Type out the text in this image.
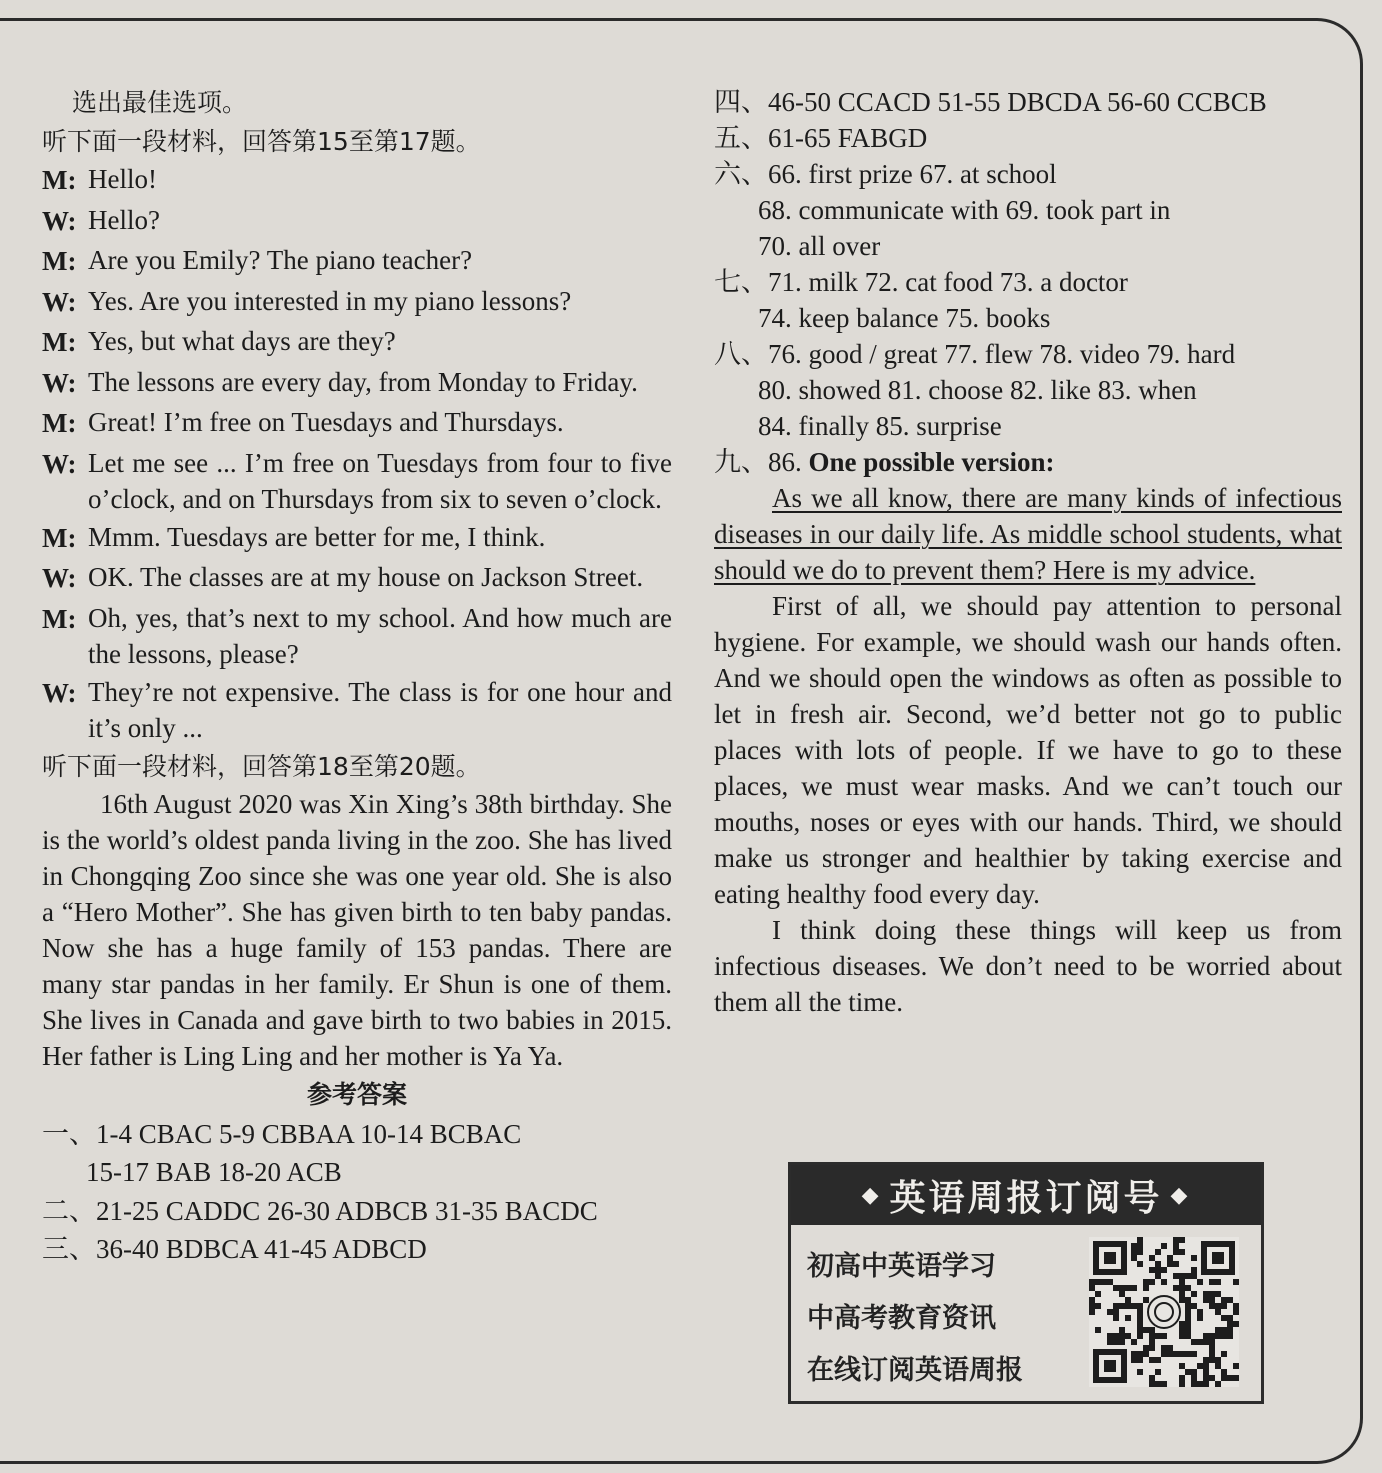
选出最佳选项。
听下面一段材料，回答第15至第17题。
M: Hello!
W: Hello?
M: Are you Emily? The piano teacher?
W: Yes. Are you interested in my piano lessons?
M: Yes, but what days are they?
W: The lessons are every day, from Monday to Friday.
M: Great! I’m free on Tuesdays and Thursdays.
W: Let me see ... I’m free on Tuesdays from four to five o’clock, and on Thursdays from six to seven o’clock.
M: Mmm. Tuesdays are better for me, I think.
W: OK. The classes are at my house on Jackson Street.
M: Oh, yes, that’s next to my school. And how much are the lessons, please?
W: They’re not expensive. The class is for one hour and it’s only ...
听下面一段材料，回答第18至第20题。

16th August 2020 was Xin Xing’s 38th birthday. She is the world’s oldest panda living in the zoo. She has lived in Chongqing Zoo since she was one year old. She is also a “Hero Mother”. She has given birth to ten baby pandas. Now she has a huge family of 153 pandas. There are many star pandas in her family. Er Shun is one of them. She lives in Canada and gave birth to two babies in 2015. Her father is Ling Ling and her mother is Ya Ya.

参考答案
一、1-4 CBAC 5-9 CBBAA 10-14 BCBAC
15-17 BAB 18-20 ACB
二、21-25 CADDC 26-30 ADBCB 31-35 BACDC
三、36-40 BDBCA 41-45 ADBCD
四、46-50 CCACD 51-55 DBCDA 56-60 CCBCB
五、61-65 FABGD
六、66. first prize 67. at school
68. communicate with 69. took part in
70. all over
七、71. milk 72. cat food 73. a doctor
74. keep balance 75. books
八、76. good / great 77. flew 78. video 79. hard
80. showed 81. choose 82. like 83. when
84. finally 85. surprise
九、86. One possible version:

As we all know, there are many kinds of infectious diseases in our daily life. As middle school students, what should we do to prevent them? Here is my advice.

First of all, we should pay attention to personal hygiene. For example, we should wash our hands often. And we should open the windows as often as possible to let in fresh air. Second, we’d better not go to public places with lots of people. If we have to go to these places, we must wear masks. And we can’t touch our mouths, noses or eyes with our hands. Third, we should make us stronger and healthier by taking exercise and eating healthy food every day.

I think doing these things will keep us from infectious diseases. We don’t need to be worried about them all the time.

◆ 英语周报订阅号 ◆
初高中英语学习
中高考教育资讯
在线订阅英语周报
